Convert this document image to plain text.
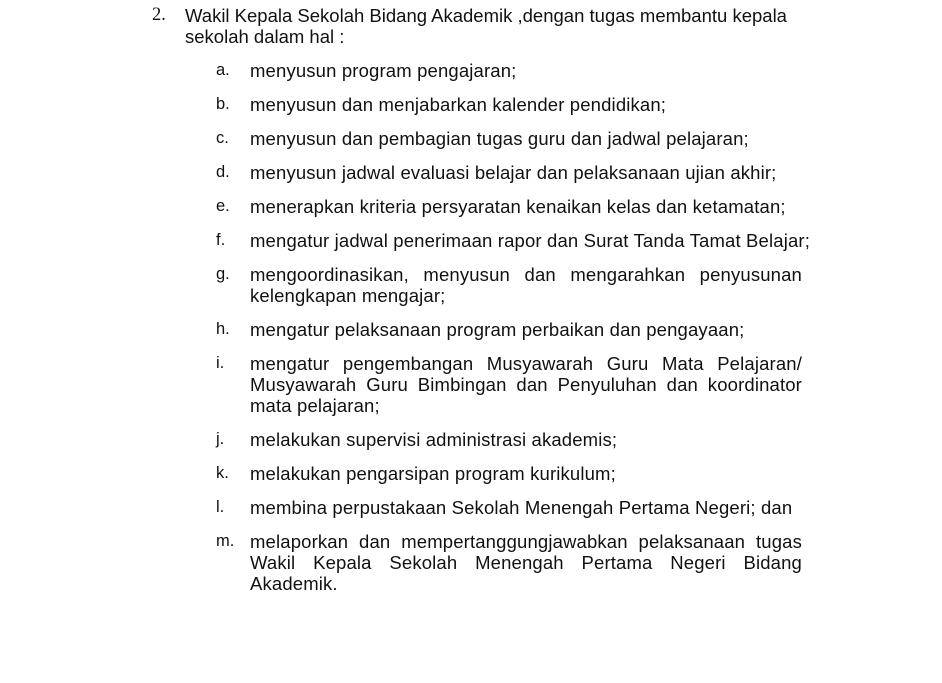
2. Wakil Kepala Sekolah Bidang Akademik ,dengan tugas membantu kepala sekolah dalam hal :
a.	menyusun program pengajaran;
b.	menyusun dan menjabarkan kalender pendidikan;
c.	menyusun dan pembagian tugas guru dan jadwal pelajaran;
d.	menyusun jadwal evaluasi belajar dan pelaksanaan ujian akhir;
e.	menerapkan kriteria persyaratan kenaikan kelas dan ketamatan;
f.	mengatur jadwal penerimaan rapor dan Surat Tanda Tamat Belajar;
g.	mengoordinasikan, menyusun dan mengarahkan penyusunan kelengkapan mengajar;
h.	mengatur pelaksanaan program perbaikan dan pengayaan;
i.	mengatur pengembangan Musyawarah Guru Mata Pelajaran/ Musyawarah Guru Bimbingan dan Penyuluhan dan koordinator mata pelajaran;
j.	melakukan supervisi administrasi akademis;
k.	melakukan pengarsipan program kurikulum;
l.	membina perpustakaan Sekolah Menengah Pertama Negeri; dan
m. melaporkan dan mempertanggungjawabkan pelaksanaan tugas Wakil Kepala Sekolah Menengah Pertama Negeri Bidang Akademik.
